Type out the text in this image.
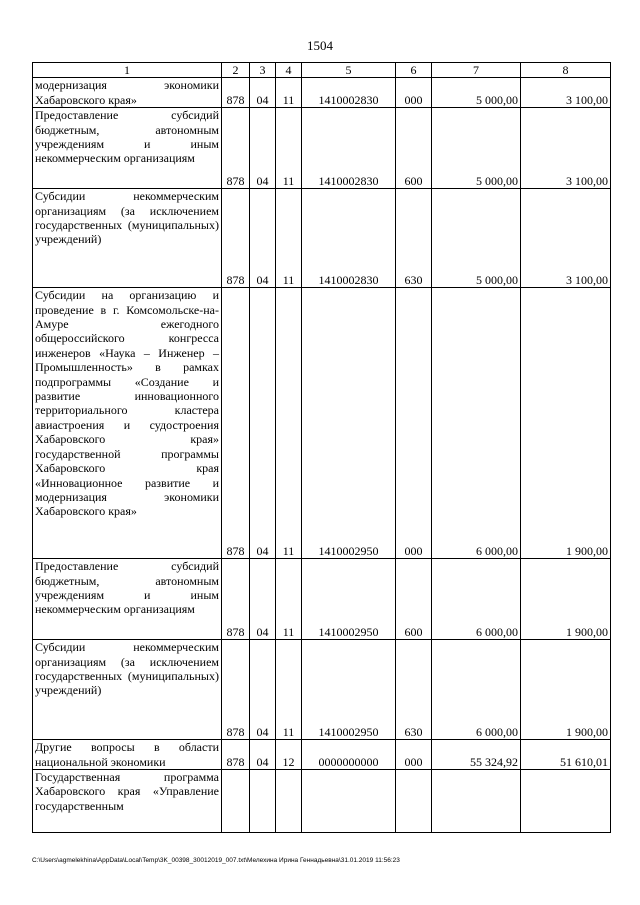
1504
1	2	3	4	5	6	7	8
модернизация экономики Хабаровского края»	878	04	11	1410002830	000	5 000,00	3 100,00
Предоставление субсидий бюджетным, автономным учреждениям и иным некоммерческим организациям	878	04	11	1410002830	600	5 000,00	3 100,00
Субсидии некоммерческим организациям (за исключением государственных (муниципальных) учреждений)	878	04	11	1410002830	630	5 000,00	3 100,00
Субсидии на организацию и проведение в г. Комсомольске-на-Амуре ежегодного общероссийского конгресса инженеров «Наука – Инженер – Промышленность» в рамках подпрограммы «Создание и развитие инновационного территориального кластера авиастроения и судостроения Хабаровского края» государственной программы Хабаровского края «Инновационное развитие и модернизация экономики Хабаровского края»	878	04	11	1410002950	000	6 000,00	1 900,00
Предоставление субсидий бюджетным, автономным учреждениям и иным некоммерческим организациям	878	04	11	1410002950	600	6 000,00	1 900,00
Субсидии некоммерческим организациям (за исключением государственных (муниципальных) учреждений)	878	04	11	1410002950	630	6 000,00	1 900,00
Другие вопросы в области национальной экономики	878	04	12	0000000000	000	55 324,92	51 610,01
Государственная программа Хабаровского края «Управление государственным							
C:\Users\agmelekhina\AppData\Local\Temp\3K_00398_30012019_007.txt\Мелехина Ирина Геннадьевна\31.01.2019 11:56:23
